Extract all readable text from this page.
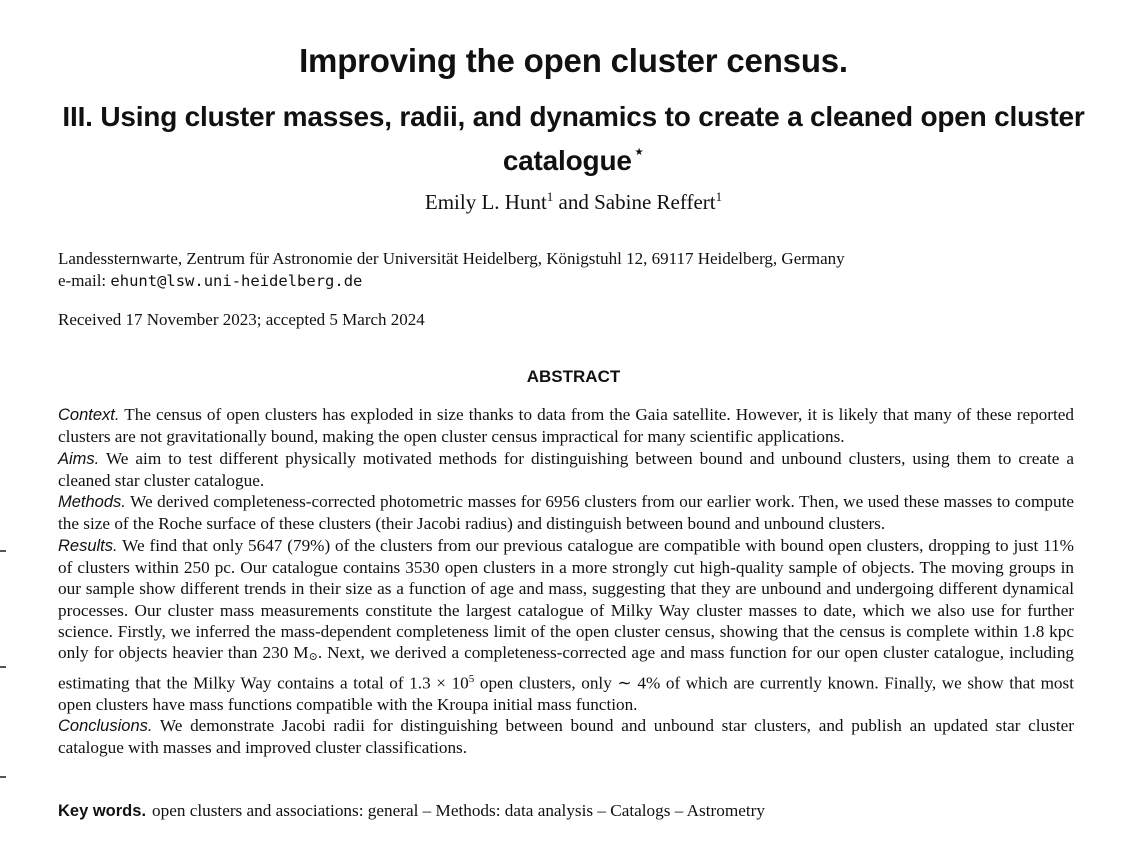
Improving the open cluster census.
III. Using cluster masses, radii, and dynamics to create a cleaned open cluster catalogue ⋆
Emily L. Hunt$^1$ and Sabine Reffert$^1$
Landessternwarte, Zentrum für Astronomie der Universität Heidelberg, Königstuhl 12, 69117 Heidelberg, Germany
e-mail: ehunt@lsw.uni-heidelberg.de
Received 17 November 2023; accepted 5 March 2024
ABSTRACT

Context. The census of open clusters has exploded in size thanks to data from the Gaia satellite. However, it is likely that many of these reported clusters are not gravitationally bound, making the open cluster census impractical for many scientific applications.

Aims. We aim to test different physically motivated methods for distinguishing between bound and unbound clusters, using them to create a cleaned star cluster catalogue.

Methods. We derived completeness-corrected photometric masses for 6956 clusters from our earlier work. Then, we used these masses to compute the size of the Roche surface of these clusters (their Jacobi radius) and distinguish between bound and unbound clusters.

Results. We find that only 5647 (79%) of the clusters from our previous catalogue are compatible with bound open clusters, dropping to just 11% of clusters within 250 pc. Our catalogue contains 3530 open clusters in a more strongly cut high-quality sample of objects. The moving groups in our sample show different trends in their size as a function of age and mass, suggesting that they are unbound and undergoing different dynamical processes. Our cluster mass measurements constitute the largest catalogue of Milky Way cluster masses to date, which we also use for further science. Firstly, we inferred the mass-dependent completeness limit of the open cluster census, showing that the census is complete within 1.8 kpc only for objects heavier than 230 $M_⊙$. Next, we derived a completeness-corrected age and mass function for our open cluster catalogue, including estimating that the Milky Way contains a total of $1.3 \times 10^5$ open clusters, only ∼ 4% of which are currently known. Finally, we show that most open clusters have mass functions compatible with the Kroupa initial mass function.

Conclusions. We demonstrate Jacobi radii for distinguishing between bound and unbound star clusters, and publish an updated star cluster catalogue with masses and improved cluster classifications.

Key words. open clusters and associations: general – Methods: data analysis – Catalogs – Astrometry
